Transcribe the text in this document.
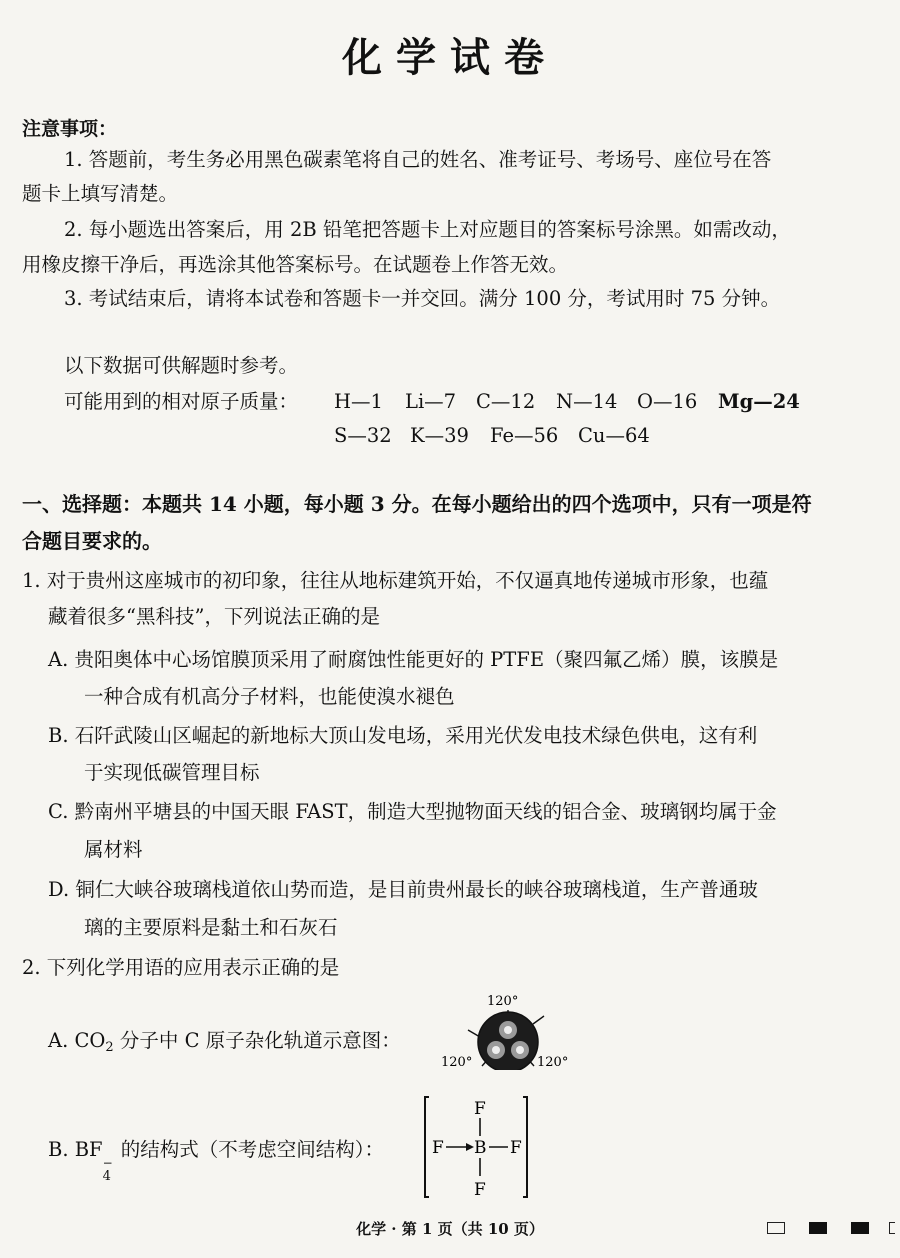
化学试卷
注意事项：
1. 答题前，考生务必用黑色碳素笔将自己的姓名、准考证号、考场号、座位号在答
题卡上填写清楚。
2. 每小题选出答案后，用 2B 铅笔把答题卡上对应题目的答案标号涂黑。如需改动，
用橡皮擦干净后，再选涂其他答案标号。在试题卷上作答无效。
3. 考试结束后，请将本试卷和答题卡一并交回。满分 100 分，考试用时 75 分钟。
以下数据可供解题时参考。
可能用到的相对原子质量： H—1 Li—7 C—12 N—14 O—16 Mg—24
S—32 K—39 Fe—56 Cu—64
一、选择题：本题共 14 小题，每小题 3 分。在每小题给出的四个选项中，只有一项是符
合题目要求的。
1. 对于贵州这座城市的初印象，往往从地标建筑开始，不仅逼真地传递城市形象，也蕴
藏着很多“黑科技”，下列说法正确的是
A. 贵阳奥体中心场馆膜顶采用了耐腐蚀性能更好的 PTFE（聚四氟乙烯）膜，该膜是
一种合成有机高分子材料，也能使溴水褪色
B. 石阡武陵山区崛起的新地标大顶山发电场，采用光伏发电技术绿色供电，这有利
于实现低碳管理目标
C. 黔南州平塘县的中国天眼 FAST，制造大型抛物面天线的铝合金、玻璃钢均属于金
属材料
D. 铜仁大峡谷玻璃栈道依山势而造，是目前贵州最长的峡谷玻璃栈道，生产普通玻
璃的主要原料是黏土和石灰石
2. 下列化学用语的应用表示正确的是
A. $CO_2$ 分子中 C 原子杂化轨道示意图：
120°
120°	120°
B. BF
−
4
的结构式（不考虑空间结构）：
F
F
F	F
B
化学 · 第 1 页（共 10 页）
